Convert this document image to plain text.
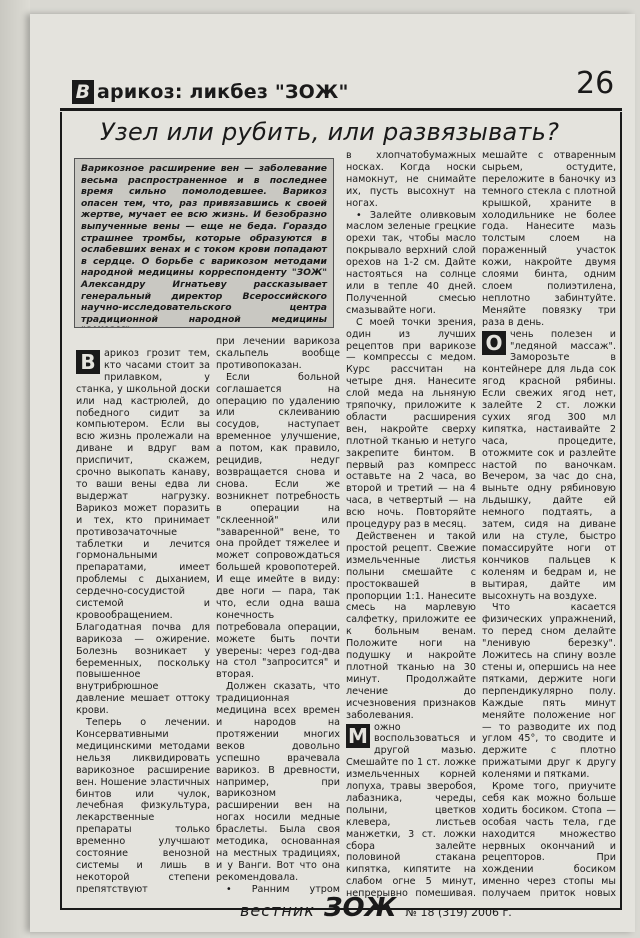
В арикоз: ликбез "ЗОЖ"	26
Узел или рубить, или развязывать?
Варикозное расширение вен — заболевание весьма распространенное и в последнее время сильно помолодевшее. Варикоз опасен тем, что, раз привязавшись к своей жертве, мучает ее всю жизнь. И безобразно выпученные вены — еще не беда. Гораздо страшнее тромбы, которые образуются в ослабевших венах и с током крови попадают в сердце. О борьбе с варикозом методами народной медицины корреспонденту "ЗОЖ" Александру Игнатьеву рассказывает генеральный директор Всероссийского научно-исследовательского центра традиционной народной медицины

В арикоз грозит тем, кто часами стоит за прилавком, у станка, у школьной доски или над кастрюлей, до победного сидит за компьютером. Если вы всю жизнь пролежали на диване и вдруг вам приспичит, скажем, срочно выкопать канаву, то ваши вены едва ли выдержат нагрузку. Варикоз может поразить и тех, кто принимает противозачаточные таблетки и лечится гормональными препаратами, имеет проблемы с дыханием, сердечно-сосудистой системой и кровообращением. Благодатная почва для варикоза — ожирение. Болезнь возникает у беременных, поскольку повышенное внутрибрюшное давление мешает оттоку крови.

Теперь о лечении. Консервативными медицинскими методами нельзя ликвидировать варикозное расширение вен. Ношение эластичных бинтов или чулок, лечебная физкультура, лекарственные препараты только временно улучшают состояние венозной системы и лишь в некоторой степени препятствуют

при лечении варикоза скальпель вообще противопоказан.

Если больной соглашается на операцию по удалению или склеиванию сосудов, наступает временное улучшение, а потом, как правило, рецидив, недуг возвращается снова и снова. Если же возникнет потребность в операции на "склеенной" или "заваренной" вене, то она пройдет тяжелее и может сопровождаться большей кровопотерей. И еще имейте в виду: две ноги — пара, так что, если одна ваша конечность потребовала операции, можете быть почти уверены: через год-два на стол "запросится" и вторая.

Должен сказать, что традиционная медицина всех времен и народов на протяжении многих веков довольно успешно врачевала варикоз. В древности, например, при варикозном расширении вен на ногах носили медные браслеты. Была своя методика, основанная на местных традициях, и у Ванги. Вот что она рекомендовала.

• Ранним утром

в хлопчатобумажных носках. Когда носки намокнут, не снимайте их, пусть высохнут на ногах.

• Залейте оливковым маслом зеленые грецкие орехи так, чтобы масло покрывало верхний слой орехов на 1-2 см. Дайте настояться на солнце или в тепле 40 дней. Полученной смесью смазывайте ноги.

С моей точки зрения, один из лучших рецептов при варикозе — компрессы с медом. Курс рассчитан на четыре дня. Нанесите слой меда на льняную тряпочку, приложите к области расширения вен, накройте сверху плотной тканью и нетуго закрепите бинтом. В первый раз компресс оставьте на 2 часа, во второй и третий — на 4 часа, в четвертый — на всю ночь. Повторяйте процедуру раз в месяц.

Действенен и такой простой рецепт. Свежие измельченные листья полыни смешайте с простоквашей в пропорции 1:1. Нанесите смесь на марлевую салфетку, приложите ее к больным венам. Положите ноги на подушку и накройте плотной тканью на 30 минут. Продолжайте лечение до исчезновения признаков заболевания.

М ожно воспользоваться и другой мазью. Смешайте по 1 ст. ложке измельченных корней лопуха, травы зверобоя, лабазника, череды, полыни, цветков клевера, листьев манжетки, 3 ст. ложки сбора залейте половиной стакана кипятка, кипятите на слабом огне 5 минут, непрерывно помешивая.

мешайте с отваренным сырьем, остудите, переложите в баночку из темного стекла с плотной крышкой, храните в холодильнике не более года. Нанесите мазь толстым слоем на пораженный участок кожи, накройте двумя слоями бинта, одним слоем полиэтилена, неплотно забинтуйте. Меняйте повязку три раза в день.

О чень полезен и "ледяной массаж". Заморозьте в контейнере для льда сок ягод красной рябины. Если свежих ягод нет, залейте 2 ст. ложки сухих ягод 300 мл кипятка, настаивайте 2 часа, процедите, отожмите сок и разлейте настой по ваночкам. Вечером, за час до сна, выньте одну рябиновую льдышку, дайте ей немного подтаять, а затем, сидя на диване или на стуле, быстро помассируйте ноги от кончиков пальцев к коленям и бедрам и, не вытирая, дайте им высохнуть на воздухе.

Что касается физических упражнений, то перед сном делайте "ленивую березку". Ложитесь на спину возле стены и, опершись на нее пятками, держите ноги перпендикулярно полу. Каждые пять минут меняйте положение ног — то разводите их под углом 45°, то сводите и держите с плотно прижатыми друг к другу коленями и пятками.

Кроме того, приучите себя как можно больше ходить босиком. Стопа — особая часть тела, где находится множество нервных окончаний и рецепторов. При хождении босиком именно через стопы мы получаем приток новых

вестник ЗОЖ № 18 (319) 2006 г.
